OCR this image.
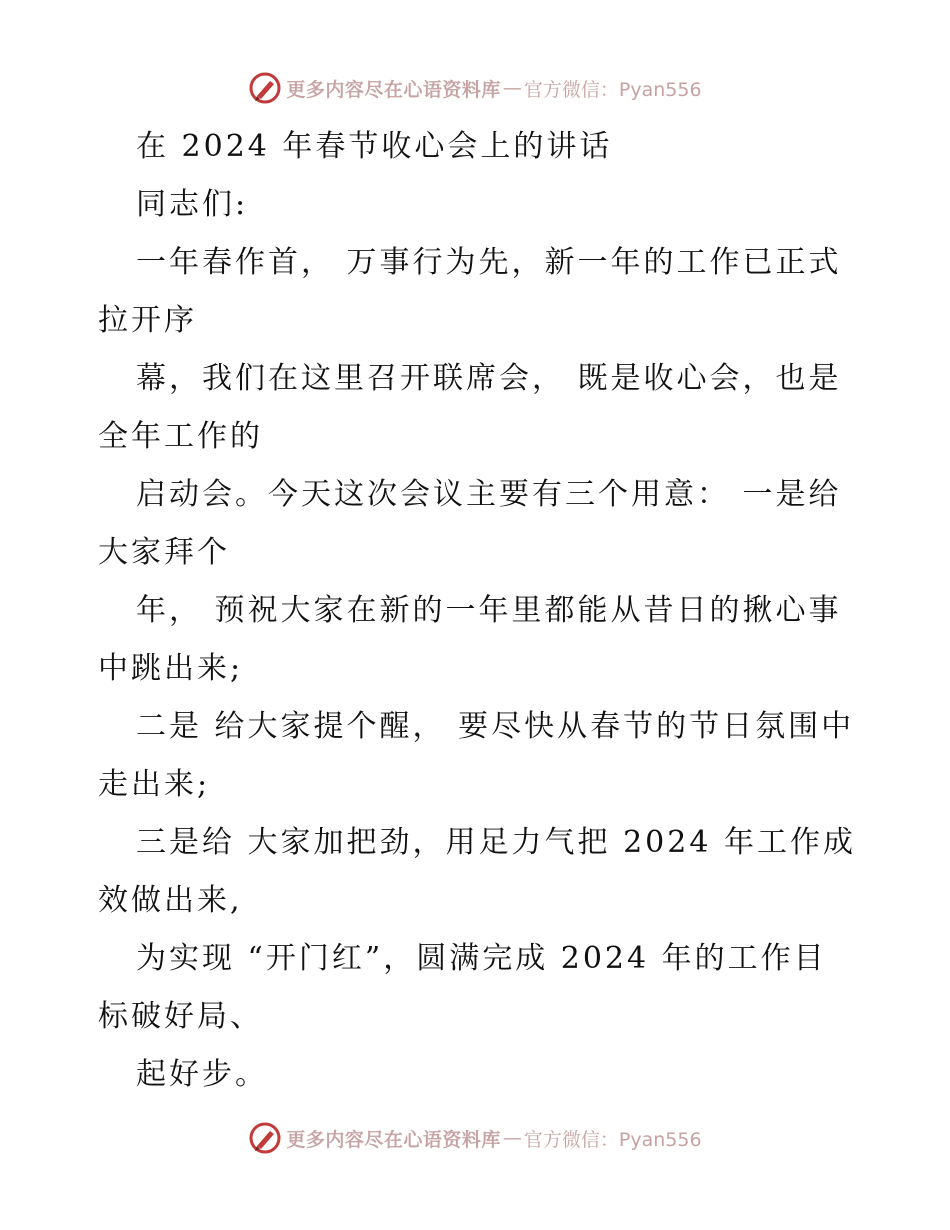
更多内容尽在心语资料库 — 官方微信：Pyan556

在 2024 年春节收心会上的讲话

同志们:

一年春作首， 万事行为先，新一年的工作已正式拉开序

幕，我们在这里召开联席会， 既是收心会，也是全年工作的

启动会。今天这次会议主要有三个用意： 一是给大家拜个

年， 预祝大家在新的一年里都能从昔日的揪心事中跳出来;

二是 给大家提个醒， 要尽快从春节的节日氛围中走出来;

三是给 大家加把劲，用足力气把 2024 年工作成效做出来,

为实现 “开门红”，圆满完成 2024 年的工作目标破好局、

起好步。

更多内容尽在心语资料库 — 官方微信：Pyan556
